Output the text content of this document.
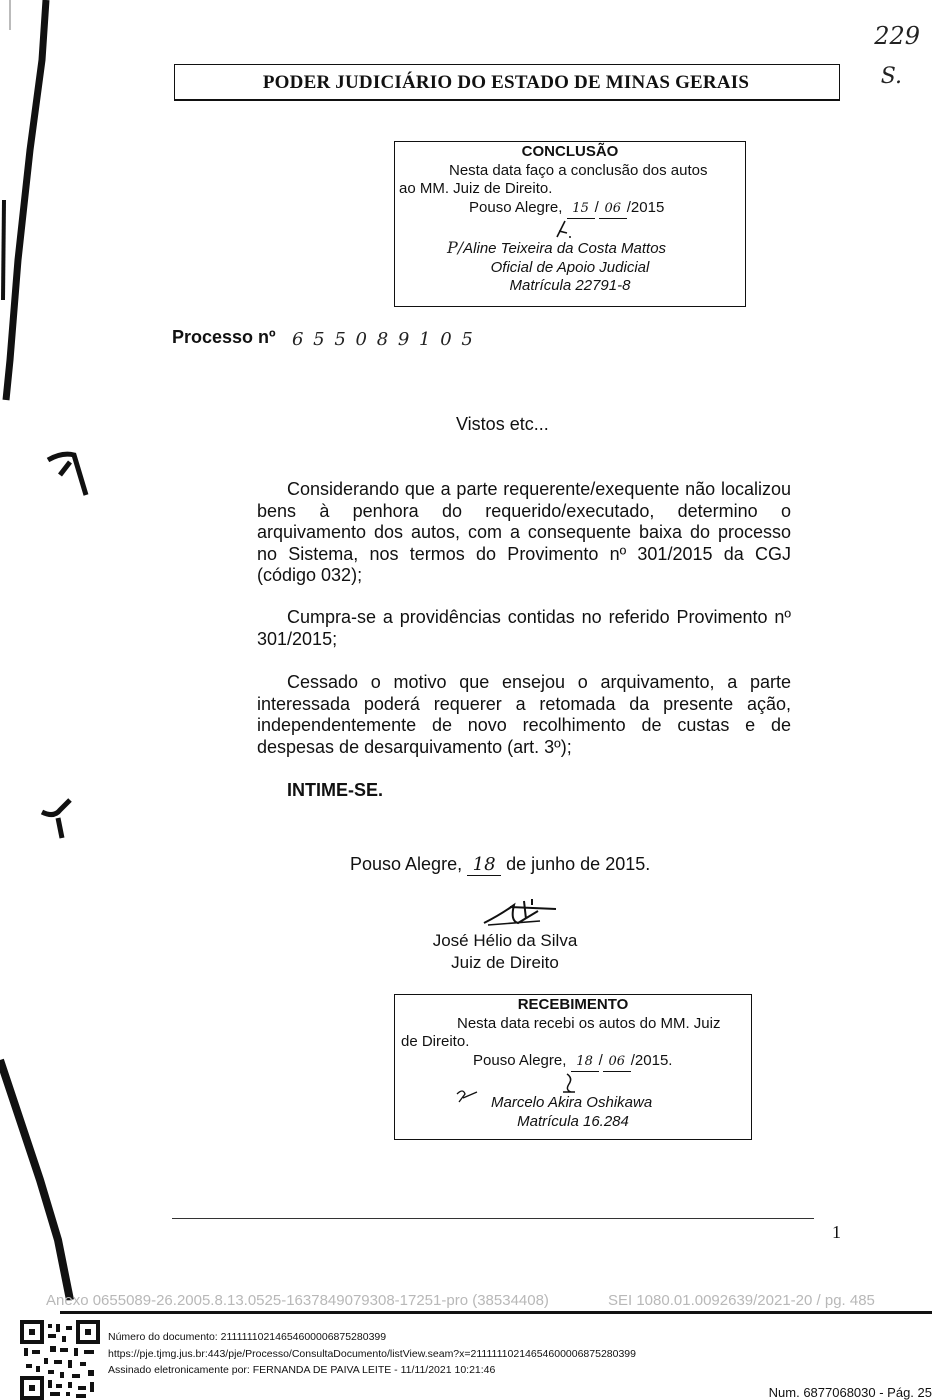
PODER JUDICIÁRIO DO ESTADO DE MINAS GERAIS
229
S.
CONCLUSÃO
Nesta data faço a conclusão dos autos
ao MM. Juiz de Direito.
Pouso Alegre, 15 / 06 /2015
P/Aline Teixeira da Costa Mattos
Oficial de Apoio Judicial
Matrícula 22791-8
Processo nº 6 5 5 0 8 9 1 0 5
Vistos etc...
Considerando que a parte requerente/exequente não localizou bens à penhora do requerido/executado, determino o arquivamento dos autos, com a consequente baixa do processo no Sistema, nos termos do Provimento nº 301/2015 da CGJ (código 032);
Cumpra-se a providências contidas no referido Provimento nº 301/2015;
Cessado o motivo que ensejou o arquivamento, a parte interessada poderá requerer a retomada da presente ação, independentemente de novo recolhimento de custas e de despesas de desarquivamento (art. 3º);
INTIME-SE.
Pouso Alegre, 18 de junho de 2015.
José Hélio da Silva
Juiz de Direito
RECEBIMENTO
Nesta data recebi os autos do MM. Juiz
de Direito.
Pouso Alegre, 18 / 06 /2015.
Marcelo Akira Oshikawa
Matrícula 16.284
1
Anexo 0655089-26.2005.8.13.0525-1637849079308-17251-pro (38534408)	SEI 1080.01.0092639/2021-20 / pg. 485
Número do documento: 21111110214654600006875280399
https://pje.tjmg.jus.br:443/pje/Processo/ConsultaDocumento/listView.seam?x=21111110214654600006875280399
Assinado eletronicamente por: FERNANDA DE PAIVA LEITE - 11/11/2021 10:21:46
Num. 6877068030 - Pág. 25
